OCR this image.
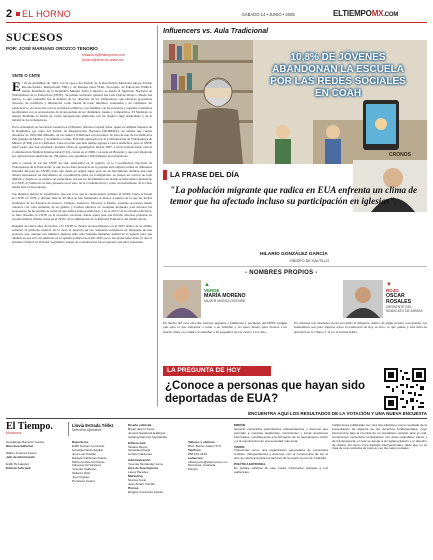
2 EL HORNO	SÁBADO 14 • JUNIO • 2025	ELTIEMPOMX.COM
SUCESOS
POR: JOSÉ MARIANO OROZCO TENORIO
redaccion@eltiempomx.com
jorozco@derecho.unam.mx
SNTE O CNTE
E l 16 de diciembre de 1943, con el apoyo del Partido de la Revolución Mexicana (ahora Partido Revolucionario Institucional, PRI) y de Manuel Gual Vidal, Secretario de Educación Pública, siendo Presidente de la República Manuel Ávila Camacho, se fundó el Sindicato Nacional de Trabajadores de la Educación (SNTE). Su primer secretario general fue Luis Chávez Orozco. Desde sus inicios, lo que pretendió fue la defensa de los derechos de los trabajadores, que elevaran propuestas diversas, de conflictos y diferencias como fueran de base, interinos, eventuales y de confianza. Su existencia se vio marcada con los servidores públicos, con también con las prácticas y aquellas consideras neoliberales con la secuestradas de la autonomía de ser disidentes, tienen y compartidos. El Sindicato se integró mediante la fusión de varias agrupaciones sindicales con un objetivo muy sindicalista y de la unidad de los trabajadores.
En la actualidad, su Secretario General es el Maestro Alfonso Cepeda Salas, quien es también Senador de la República, por parte del Partido de Regeneración Nacional (MORENA). Se estima que cuenta alrededor de 1'691,994 afiliados, de los cuales 1.8 millones son docentes. Se trata de uno de los sindicatos más grandes de México y de América Latina. Está más agrupado por la Confederación de Trabajadores de México (CTM) con 4.5 millones. Cabe recordar que más tiempo agrupa a varios sindicatos, pero al SNTE tiene varios que han alcanzado grandes cifras de agremiados. Desde 2007, a nivel internacional, está la Confederación Sindical Internacional (CSI), creada en el 2006, con sede en Bruselas y que está integrada por agrupaciones sindicales de 156 países, que agremian a 166 millones de trabajadores.
Aún a cuando el rol del SNTE ha sido primordial en el gremio, es la Coordinadora Nacional de Trabajadores de la Educación, la que los ha dado presencia en la presión ante algunos temas en diferentes latitudes del país (la CNTE) dado que desde su origen surge para ser un movimiento sindical que cual deberá representar un mecanismo de coordinación entre los trabajadores, no tienen un control de todo afiliado y donde no se cuenta con estructuras, así que los movimientos en donde se tiene menor presencia, la CNTE, el Sindicato se hizo presente en el seno de la Confederación y como un instrumento de la clase media ante el descontento.
Sus distintos puntos de agremiados, que son a los que le cuestionaban: primero el SNTE, luego se fundó la CNTE en 1979, y durante más de 40 años se han mantenido al menos 4 puntos en el que las luchas sindicales de los Estados de Oaxaca, Chiapas, Guerrero, Veracruz y Puebla, aquellas secciones tienen vínculos con cada elemento de su gremio y forman vínculos en cualquier momento para derrotar las propuestas. Se ha perdido la razón de que ambos grupos sindicales, y en el 2013 con la reforma educativa, se hizo presente la CNTE en el escenario nacional, donde aquel país que llevaba diversas protestas su inconformidad; misma razón en el 2019 con la eliminación de la Reforma Educativa del mismo modo.
Después de tantos años de luchas, a la CNTE le vienen reconocimientos en el 2025 dentro de su último esfuerzo al gobierno federal, en la cual, la mayoría de sus asistentes estuvieron en búsqueda de una protesta, que, aunque con números algunos más, sólo intentan mantener unidad en la agenda para que además no sea sólo un sindicato en la agenda política en el año 2025, pero, sin poder tener éxito ya que el gobierno federal, ni el Poder Legislativo tienen en consideración las propuestas que ellos presentan.
Influencers vs. Aula Tradicional
10,8% DE JÓVENES
ABANDONAN LA ESCUELA
POR LAS REDES SOCIALES
EN COAH
CRONOS
LA FRASE DEL DÍA
"La población migrante que radica en EUA enfrenta un clima de temor que ha afectado incluso su participación en iglesias".
HILARIO GONZÁLEZ GARCÍA
OBISPO DE SALTILLO
- NOMBRES PROPIOS -
▲
VERDE
MARÍA MORENO
MUJER MONCLOVENSE
▼
ROJO
OSCAR ROSALES
DIRIGENTE DEL SINDICATO DE AHMSA
En medio del caos esta día, entregó juguetes a familiares y pacientes del IMSS, ningún que sabe lo que enfrentar o tener a su enfermo y no tener dinero para abonar. Con mucho amor en compra acompañar a 40 pequeños de las cuatro a los días.
Ex-oficinas con alrededor de un recorrido al diligente, dentro de algún terreno a propuesta, los intendentes son para algunos sobre la existencia de hoy se tuvo, lo que quiere y esta falta de atención en la clínica 7, si no le tuviste habla.
LA PREGUNTA DE HOY
¿Conoce a personas que hayan sido deportadas de EUA?
ENCUENTRA AQUÍ LOS RESULTADOS DE LA VOTACIÓN Y UNA NUEVA ENCUESTA
El Tiempo.
Monclova
Lluvia Estrada Téllez
Directora Operativa
Guadalupe Ramírez García
Directora Editorial
Walter Jiménez Flores
Jefe de información
Edith Hernández
Editora Jefa web
Reporteros
Edith Gómez Coronado
Griselda Pardo Aguilar
José Luis Castillo
Daniela Cárdenas Toledo
Mario Andrés Contreras
Vanessa Gil Vázquez
Yesenia Calderón
Gilberto Ortiz
Joel Orgesa
Penélope Castro
Diseño editorial
Bryan Jarón Hoyos
Jessica Sandoval Gallegos
Adriana Ramírez Quintanilla
Editora web
Tatiana Reyes
Griselda Arriaga
Aurelio Cárdenas
Administración
Yesenia Hernández Luna
Gira de Suscriptores
Laura Paredes
Marketing
Monica Tovar
Juan Alvaro Carrillo
Prensa
Rogelio Contreras Infante
Talleres y oficinas
Blvd. Benito Juárez 574
Teléfono
866 631 4444
redaccion
eltiempomx@eltiempomx.mx
Monclova, Coahuila,
México
MISIÓN
Generar contenidos periodísticos independientes y diversos que permitan a nuestras audiencias, comprender y tomar decisiones informados, contribuyendo a la formación de su pensamiento crítico y a la construcción de una sociedad más justa.
VISIÓN
Trascender como una organización generadora de contenidos creíbles, independientes y diversos, con el compromiso de ser el sitio de referencia para los lectores de la región centro de Coahuila.
POLÍTICA EDITORIAL
Es política editorial de este medio informativo respetar a sus audiencias.
Instituciones publicadas con una cita editorial o como resultado de la presentación de algunos de los derechos fundamentales, cuyo intervención bajo la premisa de un periodismo vertical, ante el cual, construimos contenidos periodísticos con altos estándares éticos y de transparencia, el cual se apega a la reglamentación y el derecho de réplica, así como a los tratados internacionales, dado que no se trata de una conducta de prensa y en las redes sociales.
